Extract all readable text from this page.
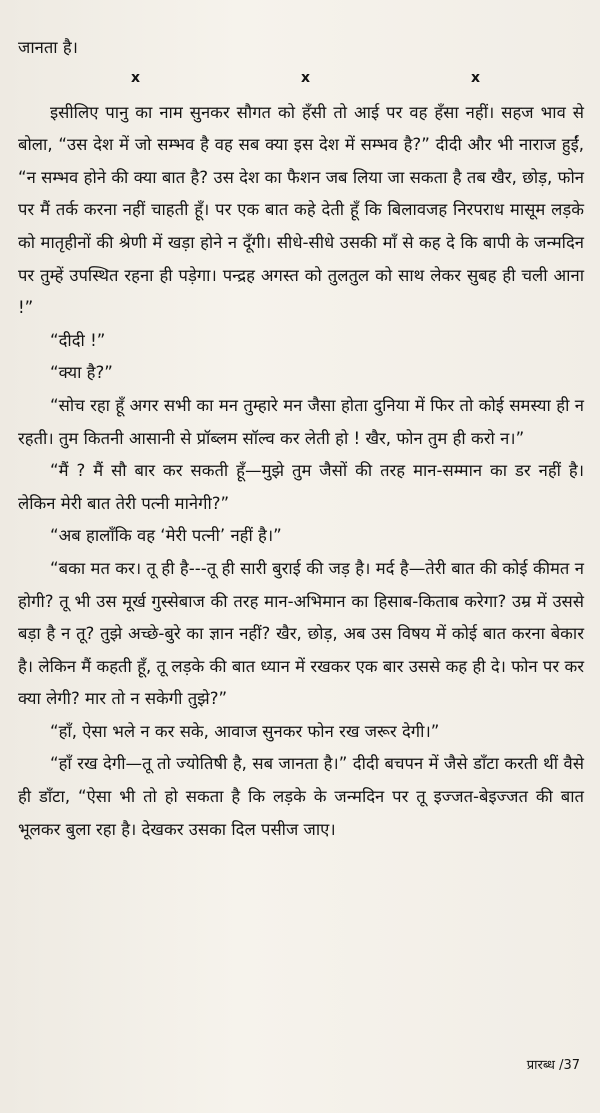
जानता है।

x	x	x

इसीलिए पानु का नाम सुनकर सौगत को हँसी तो आई पर वह हँसा नहीं। सहज भाव से बोला, “उस देश में जो सम्भव है वह सब क्या इस देश में सम्भव है?” दीदी और भी नाराज हुईं, “न सम्भव होने की क्या बात है? उस देश का फैशन जब लिया जा सकता है तब खैर, छोड़, फोन पर मैं तर्क करना नहीं चाहती हूँ। पर एक बात कहे देती हूँ कि बिलावजह निरपराध मासूम लड़के को मातृहीनों की श्रेणी में खड़ा होने न दूँगी। सीधे-सीधे उसकी माँ से कह दे कि बापी के जन्मदिन पर तुम्हें उपस्थित रहना ही पड़ेगा। पन्द्रह अगस्त को तुलतुल को साथ लेकर सुबह ही चली आना !”

“दीदी !”

“क्या है?”

“सोच रहा हूँ अगर सभी का मन तुम्हारे मन जैसा होता दुनिया में फिर तो कोई समस्या ही न रहती। तुम कितनी आसानी से प्रॉब्लम सॉल्व कर लेती हो ! खैर, फोन तुम ही करो न।”

“मैं ? मैं सौ बार कर सकती हूँ—मुझे तुम जैसों की तरह मान-सम्मान का डर नहीं है। लेकिन मेरी बात तेरी पत्नी मानेगी?”

“अब हालाँकि वह ‘मेरी पत्नी’ नहीं है।”

“बका मत कर। तू ही है---तू ही सारी बुराई की जड़ है। मर्द है—तेरी बात की कोई कीमत न होगी? तू भी उस मूर्ख गुस्सेबाज की तरह मान-अभिमान का हिसाब-किताब करेगा? उम्र में उससे बड़ा है न तू? तुझे अच्छे-बुरे का ज्ञान नहीं? खैर, छोड़, अब उस विषय में कोई बात करना बेकार है। लेकिन मैं कहती हूँ, तू लड़के की बात ध्यान में रखकर एक बार उससे कह ही दे। फोन पर कर क्या लेगी? मार तो न सकेगी तुझे?”

“हाँ, ऐसा भले न कर सके, आवाज सुनकर फोन रख जरूर देगी।”

“हाँ रख देगी—तू तो ज्योतिषी है, सब जानता है।” दीदी बचपन में जैसे डाँटा करती थीं वैसे ही डाँटा, “ऐसा भी तो हो सकता है कि लड़के के जन्मदिन पर तू इज्जत-बेइज्जत की बात भूलकर बुला रहा है। देखकर उसका दिल पसीज जाए।

प्रारब्ध /37
